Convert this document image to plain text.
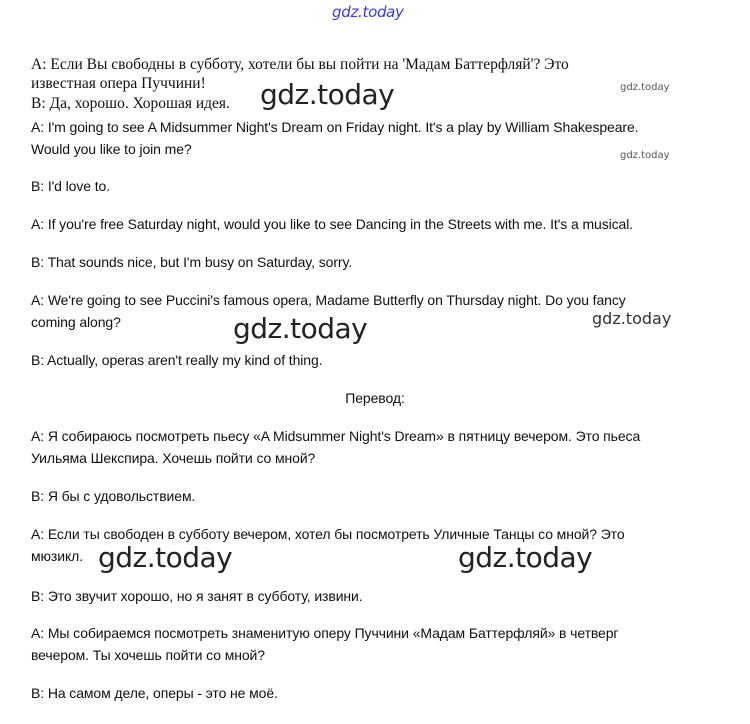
gdz.today

A: Если Вы свободны в субботу, хотели бы вы пойти на 'Мадам Баттерфляй'? Это

известная опера Пуччини!

B: Да, хорошо. Хорошая идея. gdz.today	gdz.today

A: I'm going to see A Midsummer Night's Dream on Friday night. It's a play by William Shakespeare.

Would you like to join me?	gdz.today

B: I'd love to.

A: If you're free Saturday night, would you like to see Dancing in the Streets with me. It's a musical.

B: That sounds nice, but I'm busy on Saturday, sorry.

A: We're going to see Puccini's famous opera, Madame Butterfly on Thursday night. Do you fancy

coming along?	gdz.today	gdz.today

B: Actually, operas aren't really my kind of thing.

Перевод:

A: Я собираюсь посмотреть пьесу «A Midsummer Night's Dream» в пятницу вечером. Это пьеса

Уильяма Шекспира. Хочешь пойти со мной?

B: Я бы с удовольствием.

A: Если ты свободен в субботу вечером, хотел бы посмотреть Уличные Танцы со мной? Это

мюзикл. gdz.today	gdz.today

B: Это звучит хорошо, но я занят в субботу, извини.

A: Мы собираемся посмотреть знаменитую оперу Пуччини «Мадам Баттерфляй» в четверг

вечером. Ты хочешь пойти со мной?

B: На самом деле, оперы - это не моё.
